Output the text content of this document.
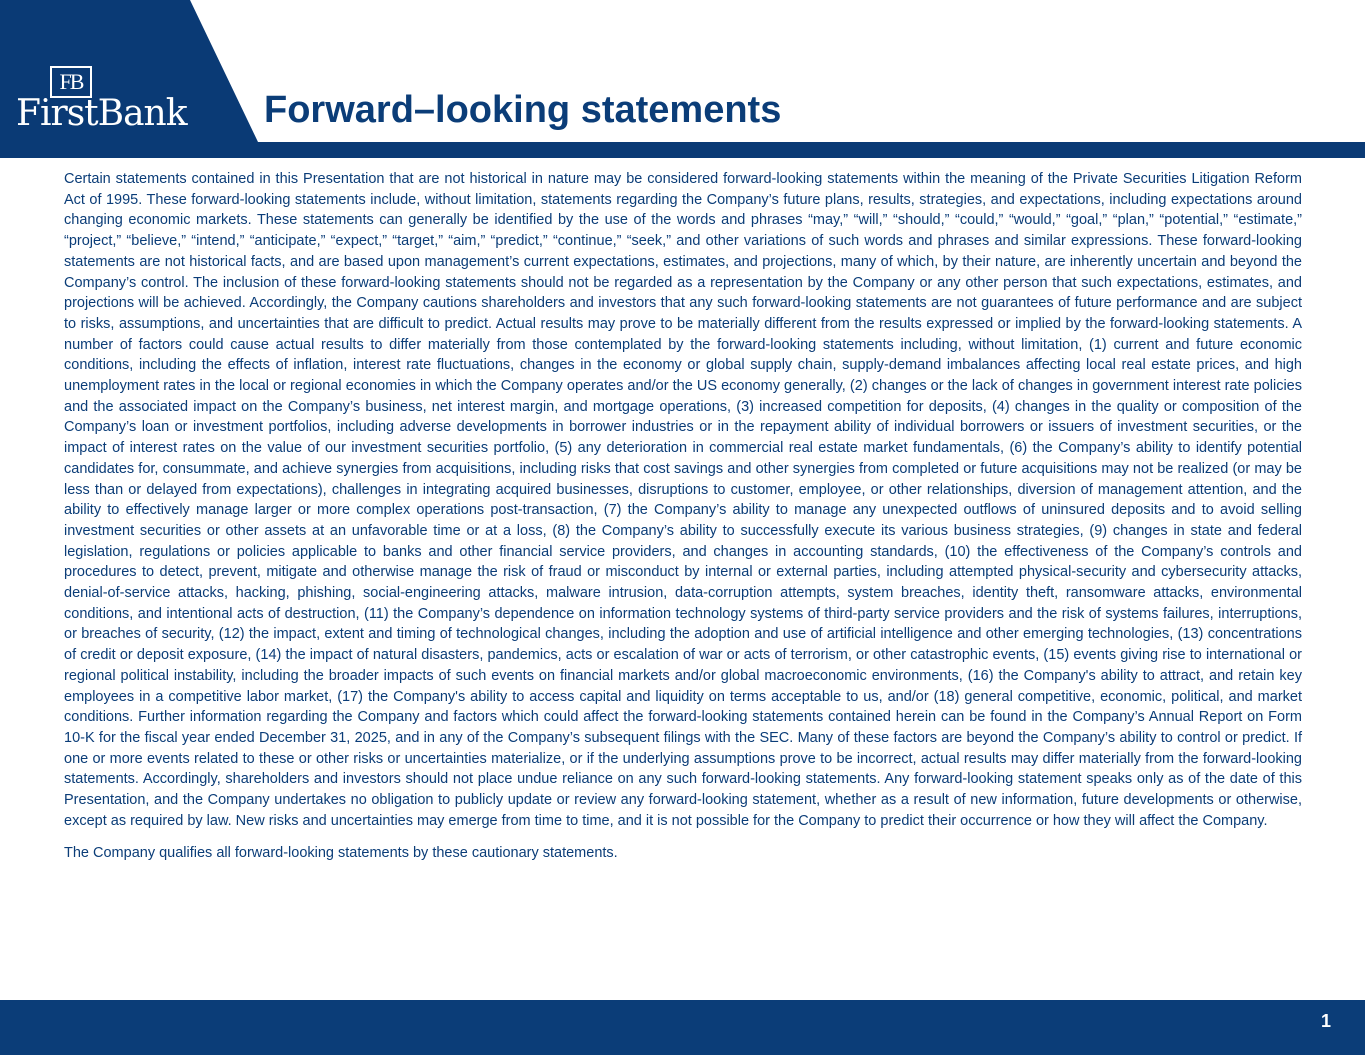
FB
FirstBank Forward–looking statements

Certain statements contained in this Presentation that are not historical in nature may be considered forward-looking statements within the meaning of the Private Securities Litigation Reform Act of 1995. These forward-looking statements include, without limitation, statements regarding the Company’s future plans, results, strategies, and expectations, including expectations around changing economic markets. These statements can generally be identified by the use of the words and phrases “may,” “will,” “should,” “could,” “would,” “goal,” “plan,” “potential,” “estimate,” “project,” “believe,” “intend,” “anticipate,” “expect,” “target,” “aim,” “predict,” “continue,” “seek,” and other variations of such words and phrases and similar expressions. These forward-looking statements are not historical facts, and are based upon management’s current expectations, estimates, and projections, many of which, by their nature, are inherently uncertain and beyond the Company’s control. The inclusion of these forward-looking statements should not be regarded as a representation by the Company or any other person that such expectations, estimates, and projections will be achieved. Accordingly, the Company cautions shareholders and investors that any such forward-looking statements are not guarantees of future performance and are subject to risks, assumptions, and uncertainties that are difficult to predict. Actual results may prove to be materially different from the results expressed or implied by the forward-looking statements. A number of factors could cause actual results to differ materially from those contemplated by the forward-looking statements including, without limitation, (1) current and future economic conditions, including the effects of inflation, interest rate fluctuations, changes in the economy or global supply chain, supply-demand imbalances affecting local real estate prices, and high unemployment rates in the local or regional economies in which the Company operates and/or the US economy generally, (2) changes or the lack of changes in government interest rate policies and the associated impact on the Company’s business, net interest margin, and mortgage operations, (3) increased competition for deposits, (4) changes in the quality or composition of the Company’s loan or investment portfolios, including adverse developments in borrower industries or in the repayment ability of individual borrowers or issuers of investment securities, or the impact of interest rates on the value of our investment securities portfolio, (5) any deterioration in commercial real estate market fundamentals, (6) the Company’s ability to identify potential candidates for, consummate, and achieve synergies from acquisitions, including risks that cost savings and other synergies from completed or future acquisitions may not be realized (or may be less than or delayed from expectations), challenges in integrating acquired businesses, disruptions to customer, employee, or other relationships, diversion of management attention, and the ability to effectively manage larger or more complex operations post-transaction, (7) the Company’s ability to manage any unexpected outflows of uninsured deposits and to avoid selling investment securities or other assets at an unfavorable time or at a loss, (8) the Company’s ability to successfully execute its various business strategies, (9) changes in state and federal legislation, regulations or policies applicable to banks and other financial service providers, and changes in accounting standards, (10) the effectiveness of the Company’s controls and procedures to detect, prevent, mitigate and otherwise manage the risk of fraud or misconduct by internal or external parties, including attempted physical-security and cybersecurity attacks, denial-of-service attacks, hacking, phishing, social-engineering attacks, malware intrusion, data-corruption attempts, system breaches, identity theft, ransomware attacks, environmental conditions, and intentional acts of destruction, (11) the Company’s dependence on information technology systems of third-party service providers and the risk of systems failures, interruptions, or breaches of security, (12) the impact, extent and timing of technological changes, including the adoption and use of artificial intelligence and other emerging technologies, (13) concentrations of credit or deposit exposure, (14) the impact of natural disasters, pandemics, acts or escalation of war or acts of terrorism, or other catastrophic events, (15) events giving rise to international or regional political instability, including the broader impacts of such events on financial markets and/or global macroeconomic environments, (16) the Company's ability to attract, and retain key employees in a competitive labor market, (17) the Company's ability to access capital and liquidity on terms acceptable to us, and/or (18) general competitive, economic, political, and market conditions. Further information regarding the Company and factors which could affect the forward-looking statements contained herein can be found in the Company’s Annual Report on Form 10-K for the fiscal year ended December 31, 2025, and in any of the Company’s subsequent filings with the SEC. Many of these factors are beyond the Company’s ability to control or predict. If one or more events related to these or other risks or uncertainties materialize, or if the underlying assumptions prove to be incorrect, actual results may differ materially from the forward-looking statements. Accordingly, shareholders and investors should not place undue reliance on any such forward-looking statements. Any forward-looking statement speaks only as of the date of this Presentation, and the Company undertakes no obligation to publicly update or review any forward-looking statement, whether as a result of new information, future developments or otherwise, except as required by law. New risks and uncertainties may emerge from time to time, and it is not possible for the Company to predict their occurrence or how they will affect the Company.

The Company qualifies all forward-looking statements by these cautionary statements.

1
